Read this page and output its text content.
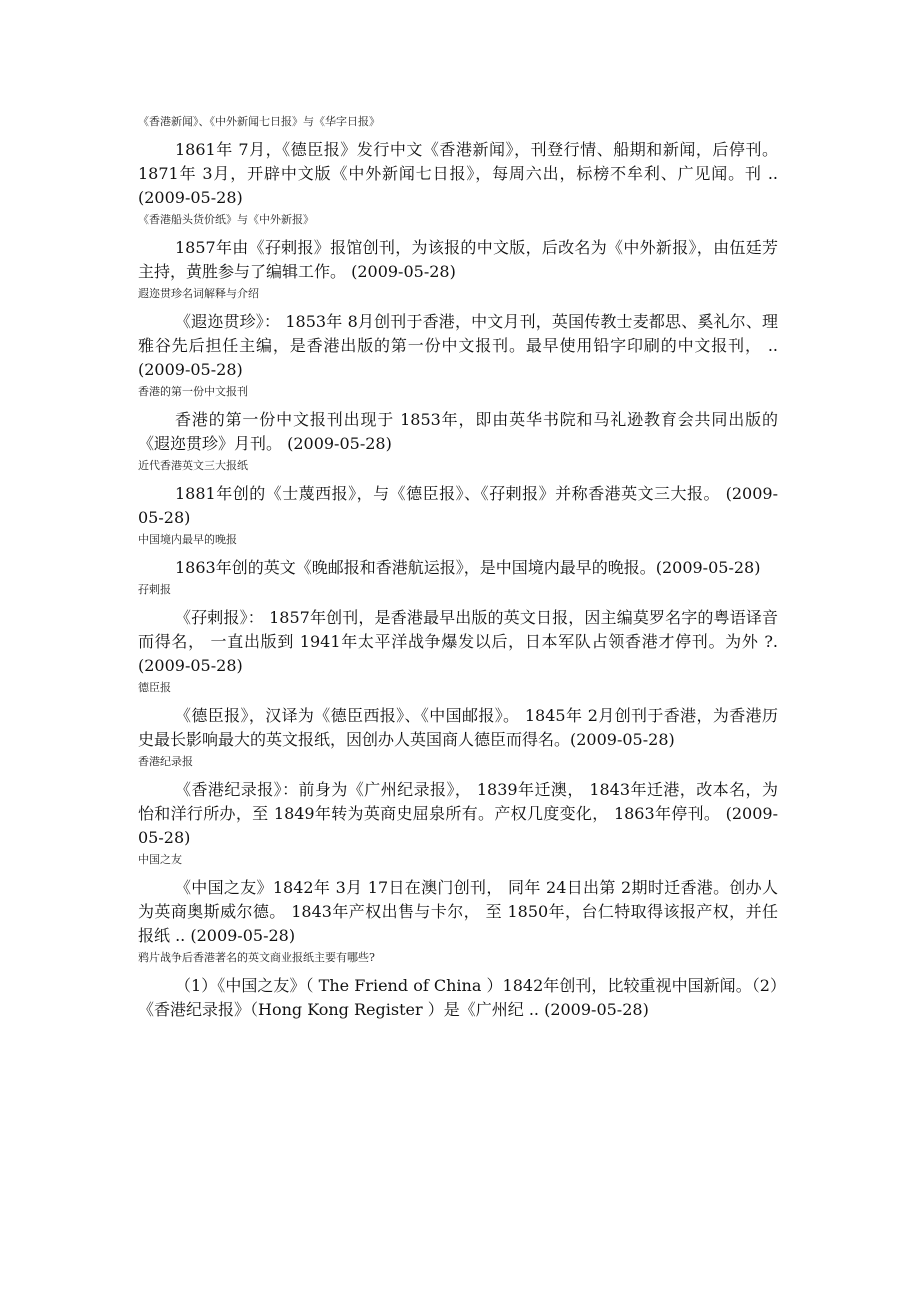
《香港新闻》、《中外新闻七日报》与《华字日报》

1861年 7月，《德臣报》发行中文《香港新闻》，刊登行情、船期和新闻，后停刊。 1871年 3月，开辟中文版《中外新闻七日报》，每周六出，标榜不牟利、广见闻。刊 .. (2009-05-28)

《香港船头货价纸》与《中外新报》

1857年由《孖剌报》报馆创刊，为该报的中文版，后改名为《中外新报》，由伍廷芳主持，黄胜参与了编辑工作。 (2009-05-28)

遐迩贯珍名词解释与介绍

《遐迩贯珍》： 1853年 8月创刊于香港，中文月刊，英国传教士麦都思、奚礼尔、理雅谷先后担任主编，是香港出版的第一份中文报刊。最早使用铅字印刷的中文报刊， .. (2009-05-28)

香港的第一份中文报刊

香港的第一份中文报刊出现于 1853年，即由英华书院和马礼逊教育会共同出版的《遐迩贯珍》月刊。 (2009-05-28)

近代香港英文三大报纸

1881年创的《士蔑西报》，与《德臣报》、《孖剌报》并称香港英文三大报。 (2009-05-28)

中国境内最早的晚报

1863年创的英文《晚邮报和香港航运报》，是中国境内最早的晚报。(2009-05-28)

孖剌报

《孖剌报》： 1857年创刊，是香港最早出版的英文日报，因主编莫罗名字的粤语译音而得名， 一直出版到 1941年太平洋战争爆发以后，日本军队占领香港才停刊。为外 ?. (2009-05-28)

德臣报

《德臣报》，汉译为《德臣西报》、《中国邮报》。 1845年 2月创刊于香港，为香港历史最长影响最大的英文报纸，因创办人英国商人德臣而得名。(2009-05-28)

香港纪录报

《香港纪录报》：前身为《广州纪录报》， 1839年迁澳， 1843年迁港，改本名，为怡和洋行所办，至 1849年转为英商史屈泉所有。产权几度变化， 1863年停刊。 (2009-05-28)

中国之友

《中国之友》1842年 3月 17日在澳门创刊， 同年 24日出第 2期时迁香港。创办人为英商奥斯威尔德。 1843年产权出售与卡尔， 至 1850年，台仁特取得该报产权，并任报纸 .. (2009-05-28)

鸦片战争后香港著名的英文商业报纸主要有哪些?

（1）《中国之友》（ The Friend of China ）1842年创刊，比较重视中国新闻。（2）《香港纪录报》（Hong Kong Register ）是《广州纪 .. (2009-05-28)
